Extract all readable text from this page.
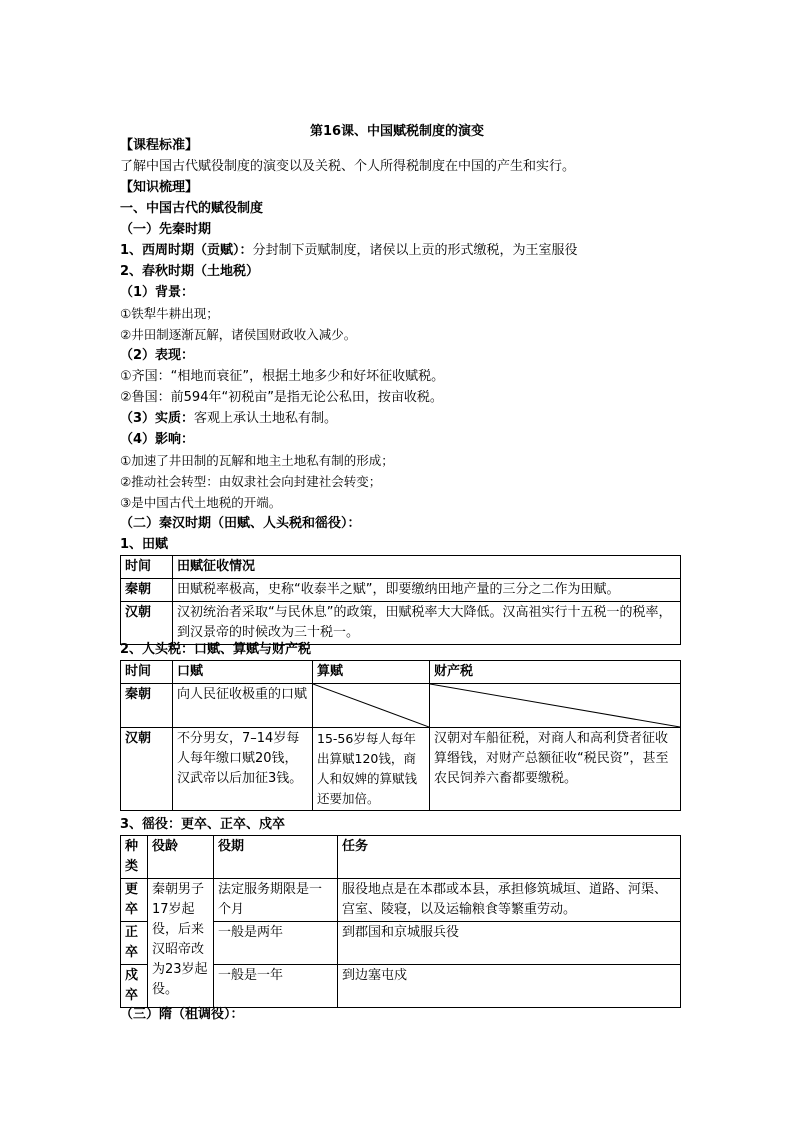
第16课、中国赋税制度的演变
【课程标准】
了解中国古代赋役制度的演变以及关税、个人所得税制度在中国的产生和实行。
【知识梳理】
一、中国古代的赋役制度
（一）先秦时期
1、西周时期（贡赋）：分封制下贡赋制度，诸侯以上贡的形式缴税，为王室服役
2、春秋时期（土地税）
（1）背景：
①铁犁牛耕出现；
②井田制逐渐瓦解，诸侯国财政收入减少。
（2）表现：
①齐国：“相地而衰征”，根据土地多少和好坏征收赋税。
②鲁国：前594年“初税亩”是指无论公私田，按亩收税。
（3）实质：客观上承认土地私有制。
（4）影响：
①加速了井田制的瓦解和地主土地私有制的形成；
②推动社会转型：由奴隶社会向封建社会转变；
③是中国古代土地税的开端。
（二）秦汉时期（田赋、人头税和徭役）：
1、田赋
时间	田赋征收情况
秦朝	田赋税率极高，史称“收泰半之赋”，即要缴纳田地产量的三分之二作为田赋。
汉朝	汉初统治者采取“与民休息”的政策，田赋税率大大降低。汉高祖实行十五税一的税率，到汉景帝的时候改为三十税一。
2、人头税：口赋、算赋与财产税
时间	口赋	算赋	财产税
秦朝	向人民征收极重的口赋	

汉朝	不分男女，7–14岁每人每年缴口赋20钱，汉武帝以后加征3钱。	15-56岁每人每年出算赋120钱，商人和奴婢的算赋钱还要加倍。	汉朝对车船征税，对商人和高利贷者征收算缗钱，对财产总额征收“税民资”，甚至农民饲养六畜都要缴税。
3、徭役：更卒、正卒、戍卒
种类	役龄	役期	任务
更卒	秦朝男子17岁起役，后来汉昭帝改为23岁起役。	法定服务期限是一个月	服役地点是在本郡或本县，承担修筑城垣、道路、河渠、宫室、陵寝，以及运输粮食等繁重劳动。
正卒		一般是两年	到郡国和京城服兵役
戍卒		一般是一年	到边塞屯戍
（三）隋（租调役）：
